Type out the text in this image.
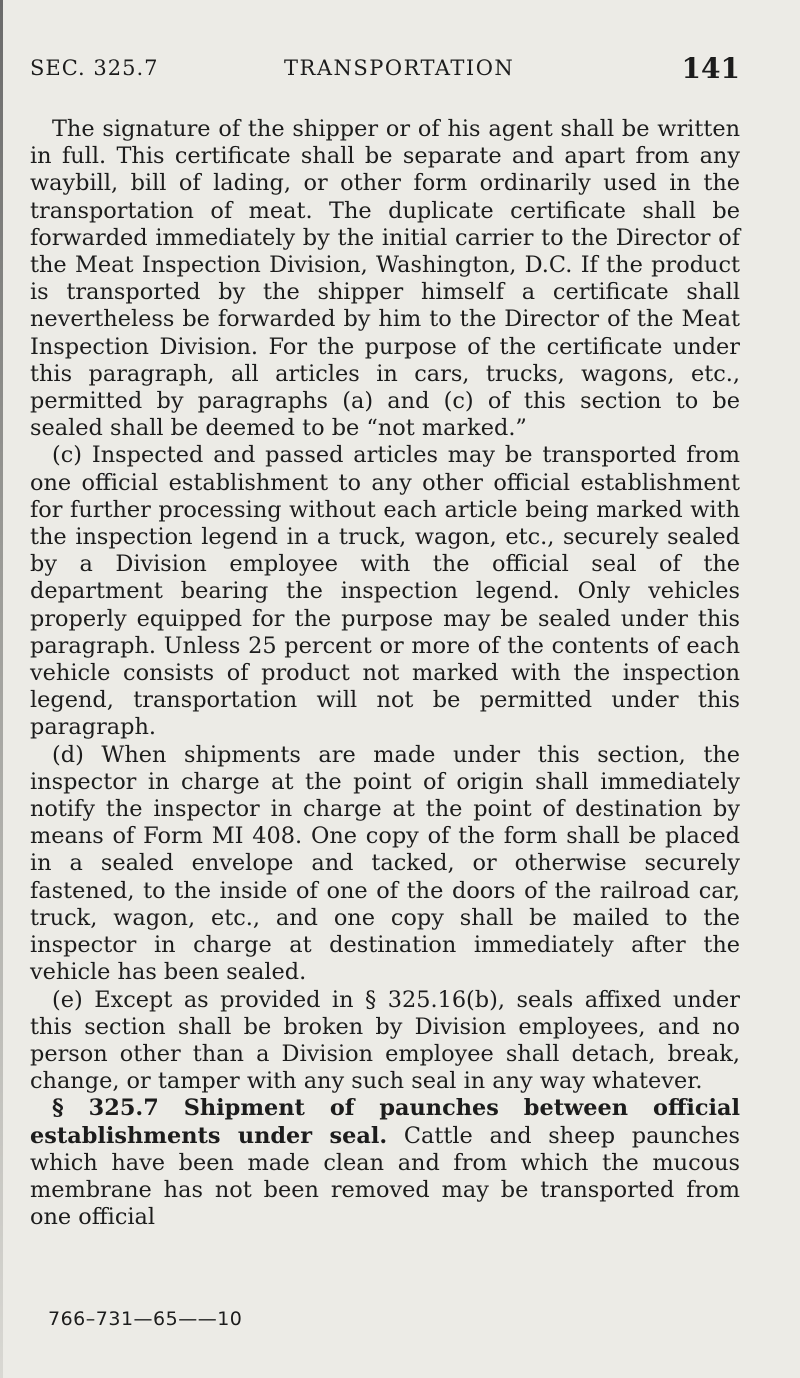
SEC. 325.7	TRANSPORTATION	141

The signature of the shipper or of his agent shall be written in full. This certificate shall be separate and apart from any waybill, bill of lading, or other form ordinarily used in the transportation of meat. The duplicate certificate shall be forwarded immediately by the initial carrier to the Director of the Meat Inspection Division, Washington, D.C. If the product is transported by the shipper himself a certificate shall nevertheless be forwarded by him to the Director of the Meat Inspection Division. For the purpose of the certificate under this paragraph, all articles in cars, trucks, wagons, etc., permitted by paragraphs (a) and (c) of this section to be sealed shall be deemed to be “not marked.”

(c) Inspected and passed articles may be transported from one official establishment to any other official establishment for further processing without each article being marked with the inspection legend in a truck, wagon, etc., securely sealed by a Division employee with the official seal of the department bearing the inspection legend. Only vehicles properly equipped for the purpose may be sealed under this paragraph. Unless 25 percent or more of the contents of each vehicle consists of product not marked with the inspection legend, transportation will not be permitted under this paragraph.

(d) When shipments are made under this section, the inspector in charge at the point of origin shall immediately notify the inspector in charge at the point of destination by means of Form MI 408. One copy of the form shall be placed in a sealed envelope and tacked, or otherwise securely fastened, to the inside of one of the doors of the railroad car, truck, wagon, etc., and one copy shall be mailed to the inspector in charge at destination immediately after the vehicle has been sealed.

(e) Except as provided in § 325.16(b), seals affixed under this section shall be broken by Division employees, and no person other than a Division employee shall detach, break, change, or tamper with any such seal in any way whatever.

§ 325.7 Shipment of paunches between official establishments under seal. Cattle and sheep paunches which have been made clean and from which the mucous membrane has not been removed may be transported from one official

766–731—65——10
